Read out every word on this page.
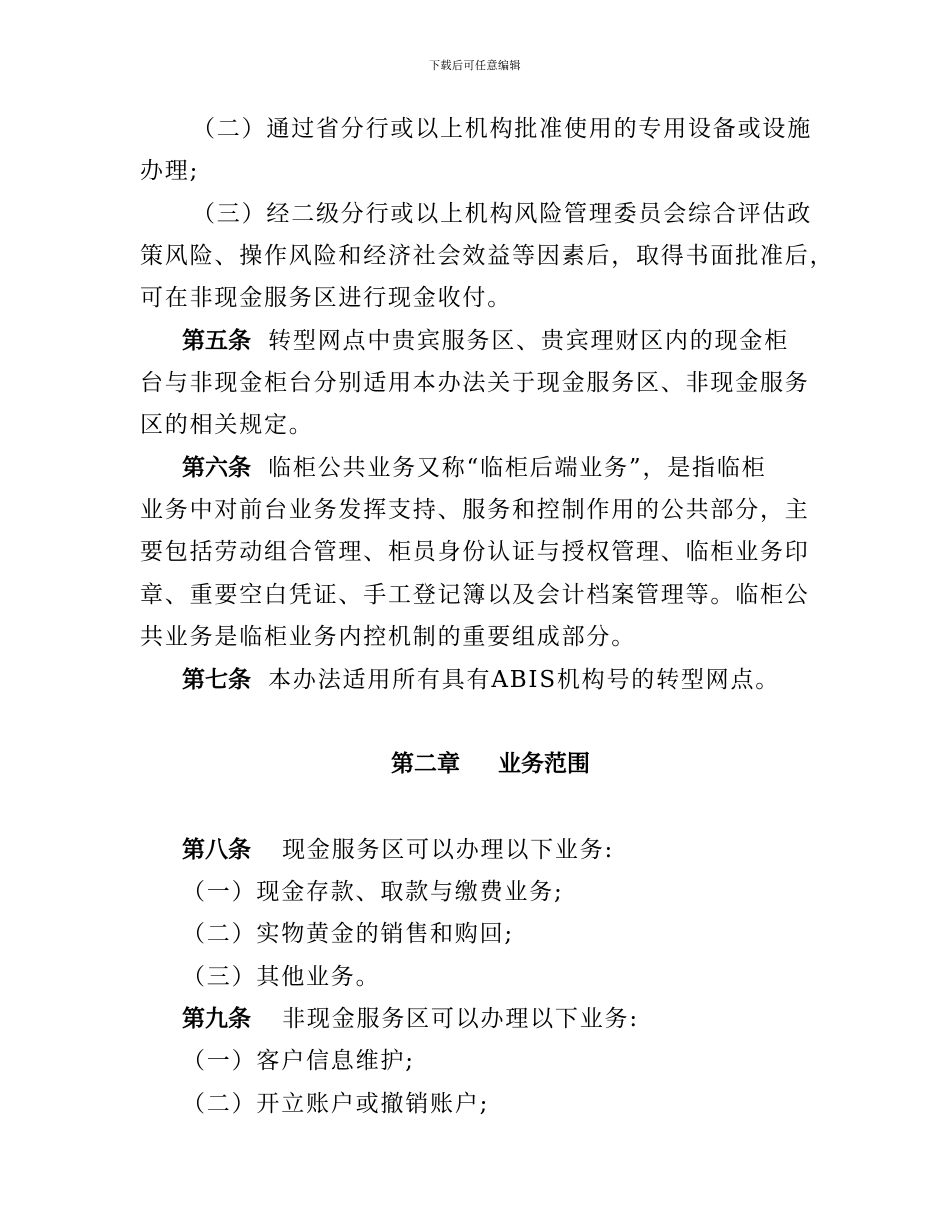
下载后可任意编辑
（二）通过省分行或以上机构批准使用的专用设备或设施
办理;
（三）经二级分行或以上机构风险管理委员会综合评估政
策风险、操作风险和经济社会效益等因素后，取得书面批准后，
可在非现金服务区进行现金收付。
第五条 转型网点中贵宾服务区、贵宾理财区内的现金柜
台与非现金柜台分别适用本办法关于现金服务区、非现金服务
区的相关规定。
第六条 临柜公共业务又称“临柜后端业务”，是指临柜
业务中对前台业务发挥支持、服务和控制作用的公共部分，主
要包括劳动组合管理、柜员身份认证与授权管理、临柜业务印
章、重要空白凭证、手工登记簿以及会计档案管理等。临柜公
共业务是临柜业务内控机制的重要组成部分。
第七条 本办法适用所有具有ABIS机构号的转型网点。
第二章 业务范围
第八条 现金服务区可以办理以下业务:
（一）现金存款、取款与缴费业务;
（二）实物黄金的销售和购回;
（三）其他业务。
第九条 非现金服务区可以办理以下业务:
（一）客户信息维护;
（二）开立账户或撤销账户;
